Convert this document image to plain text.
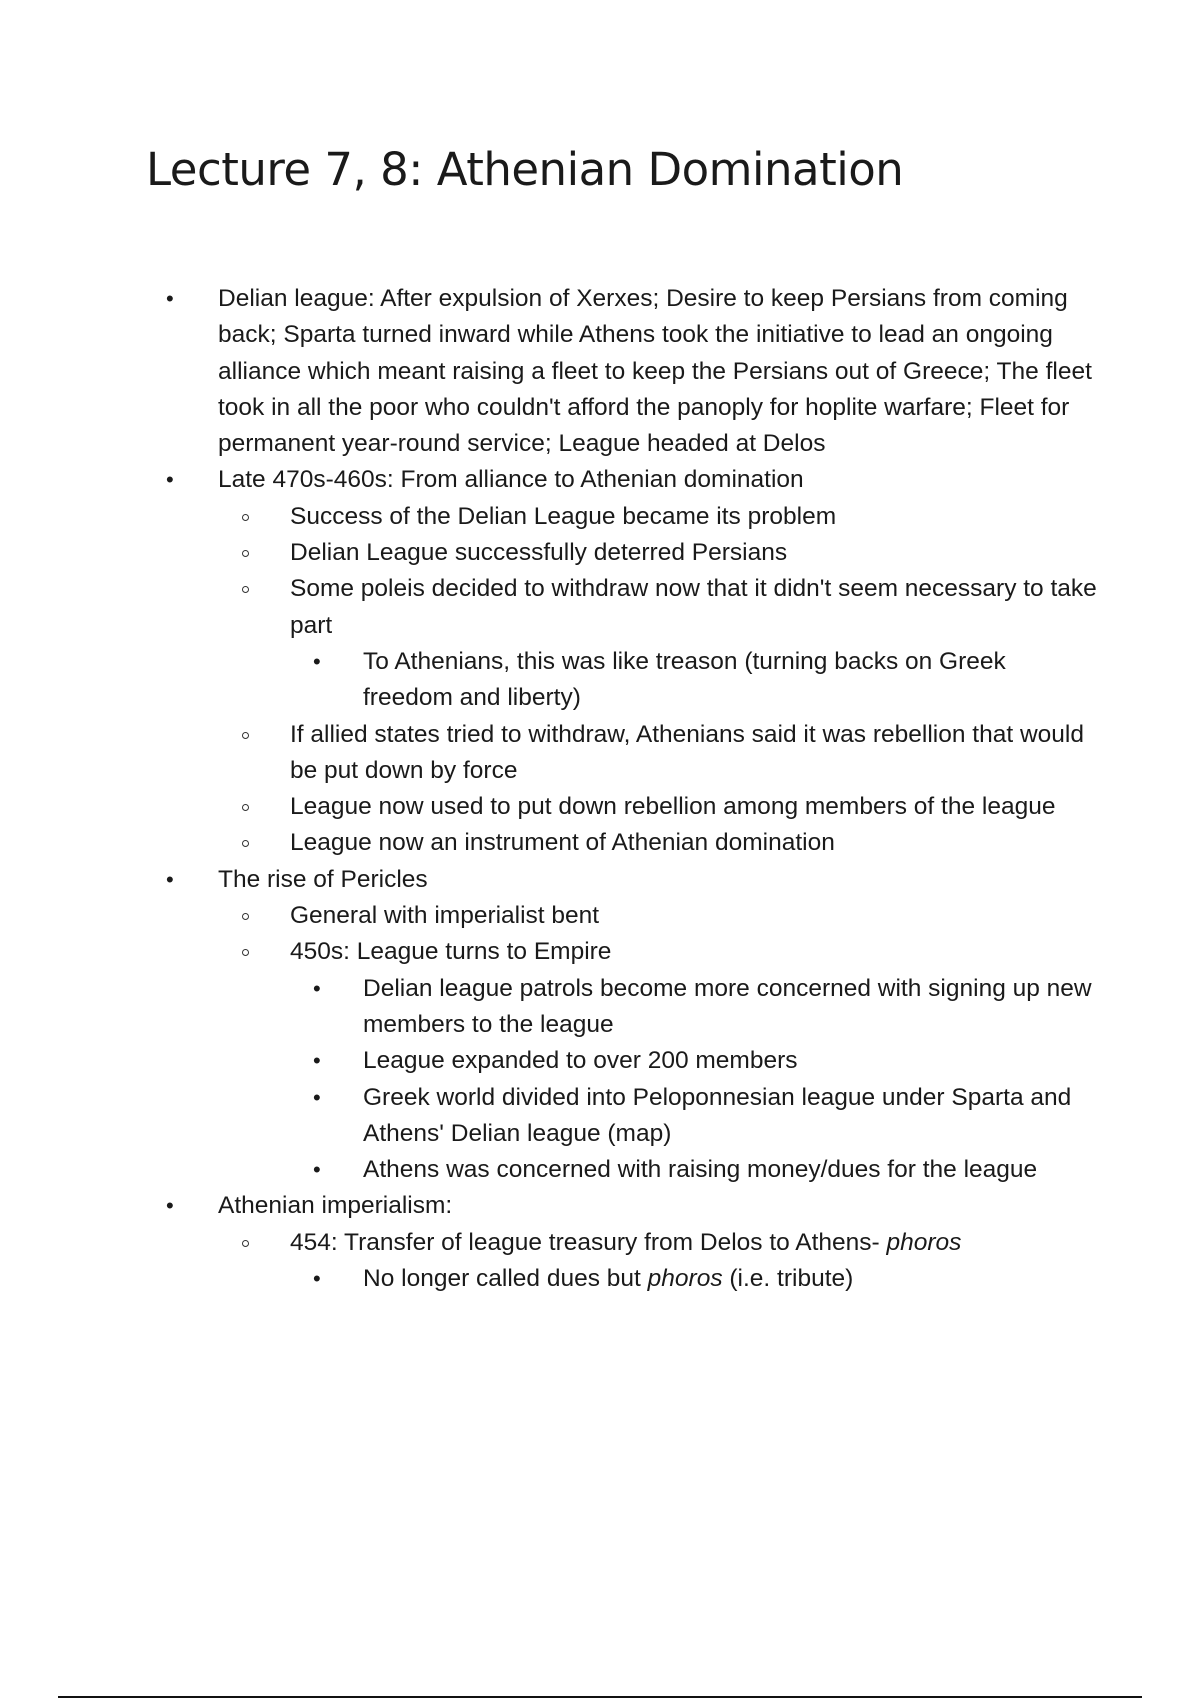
Lecture 7, 8: Athenian Domination
• Delian league: After expulsion of Xerxes; Desire to keep Persians from coming back; Sparta turned inward while Athens took the initiative to lead an ongoing alliance which meant raising a fleet to keep the Persians out of Greece; The fleet took in all the poor who couldn't afford the panoply for hoplite warfare; Fleet for permanent year-round service; League headed at Delos
• Late 470s-460s: From alliance to Athenian domination
Success of the Delian League became its problem
Delian League successfully deterred Persians
Some poleis decided to withdraw now that it didn't seem necessary to take part
• To Athenians, this was like treason (turning backs on Greek freedom and liberty)
If allied states tried to withdraw, Athenians said it was rebellion that would be put down by force
League now used to put down rebellion among members of the league
League now an instrument of Athenian domination
• The rise of Pericles
General with imperialist bent
450s: League turns to Empire
• Delian league patrols become more concerned with signing up new members to the league
• League expanded to over 200 members
• Greek world divided into Peloponnesian league under Sparta and Athens' Delian league (map)
• Athens was concerned with raising money/dues for the league
• Athenian imperialism:
454: Transfer of league treasury from Delos to Athens- phoros
• No longer called dues but phoros (i.e. tribute)
